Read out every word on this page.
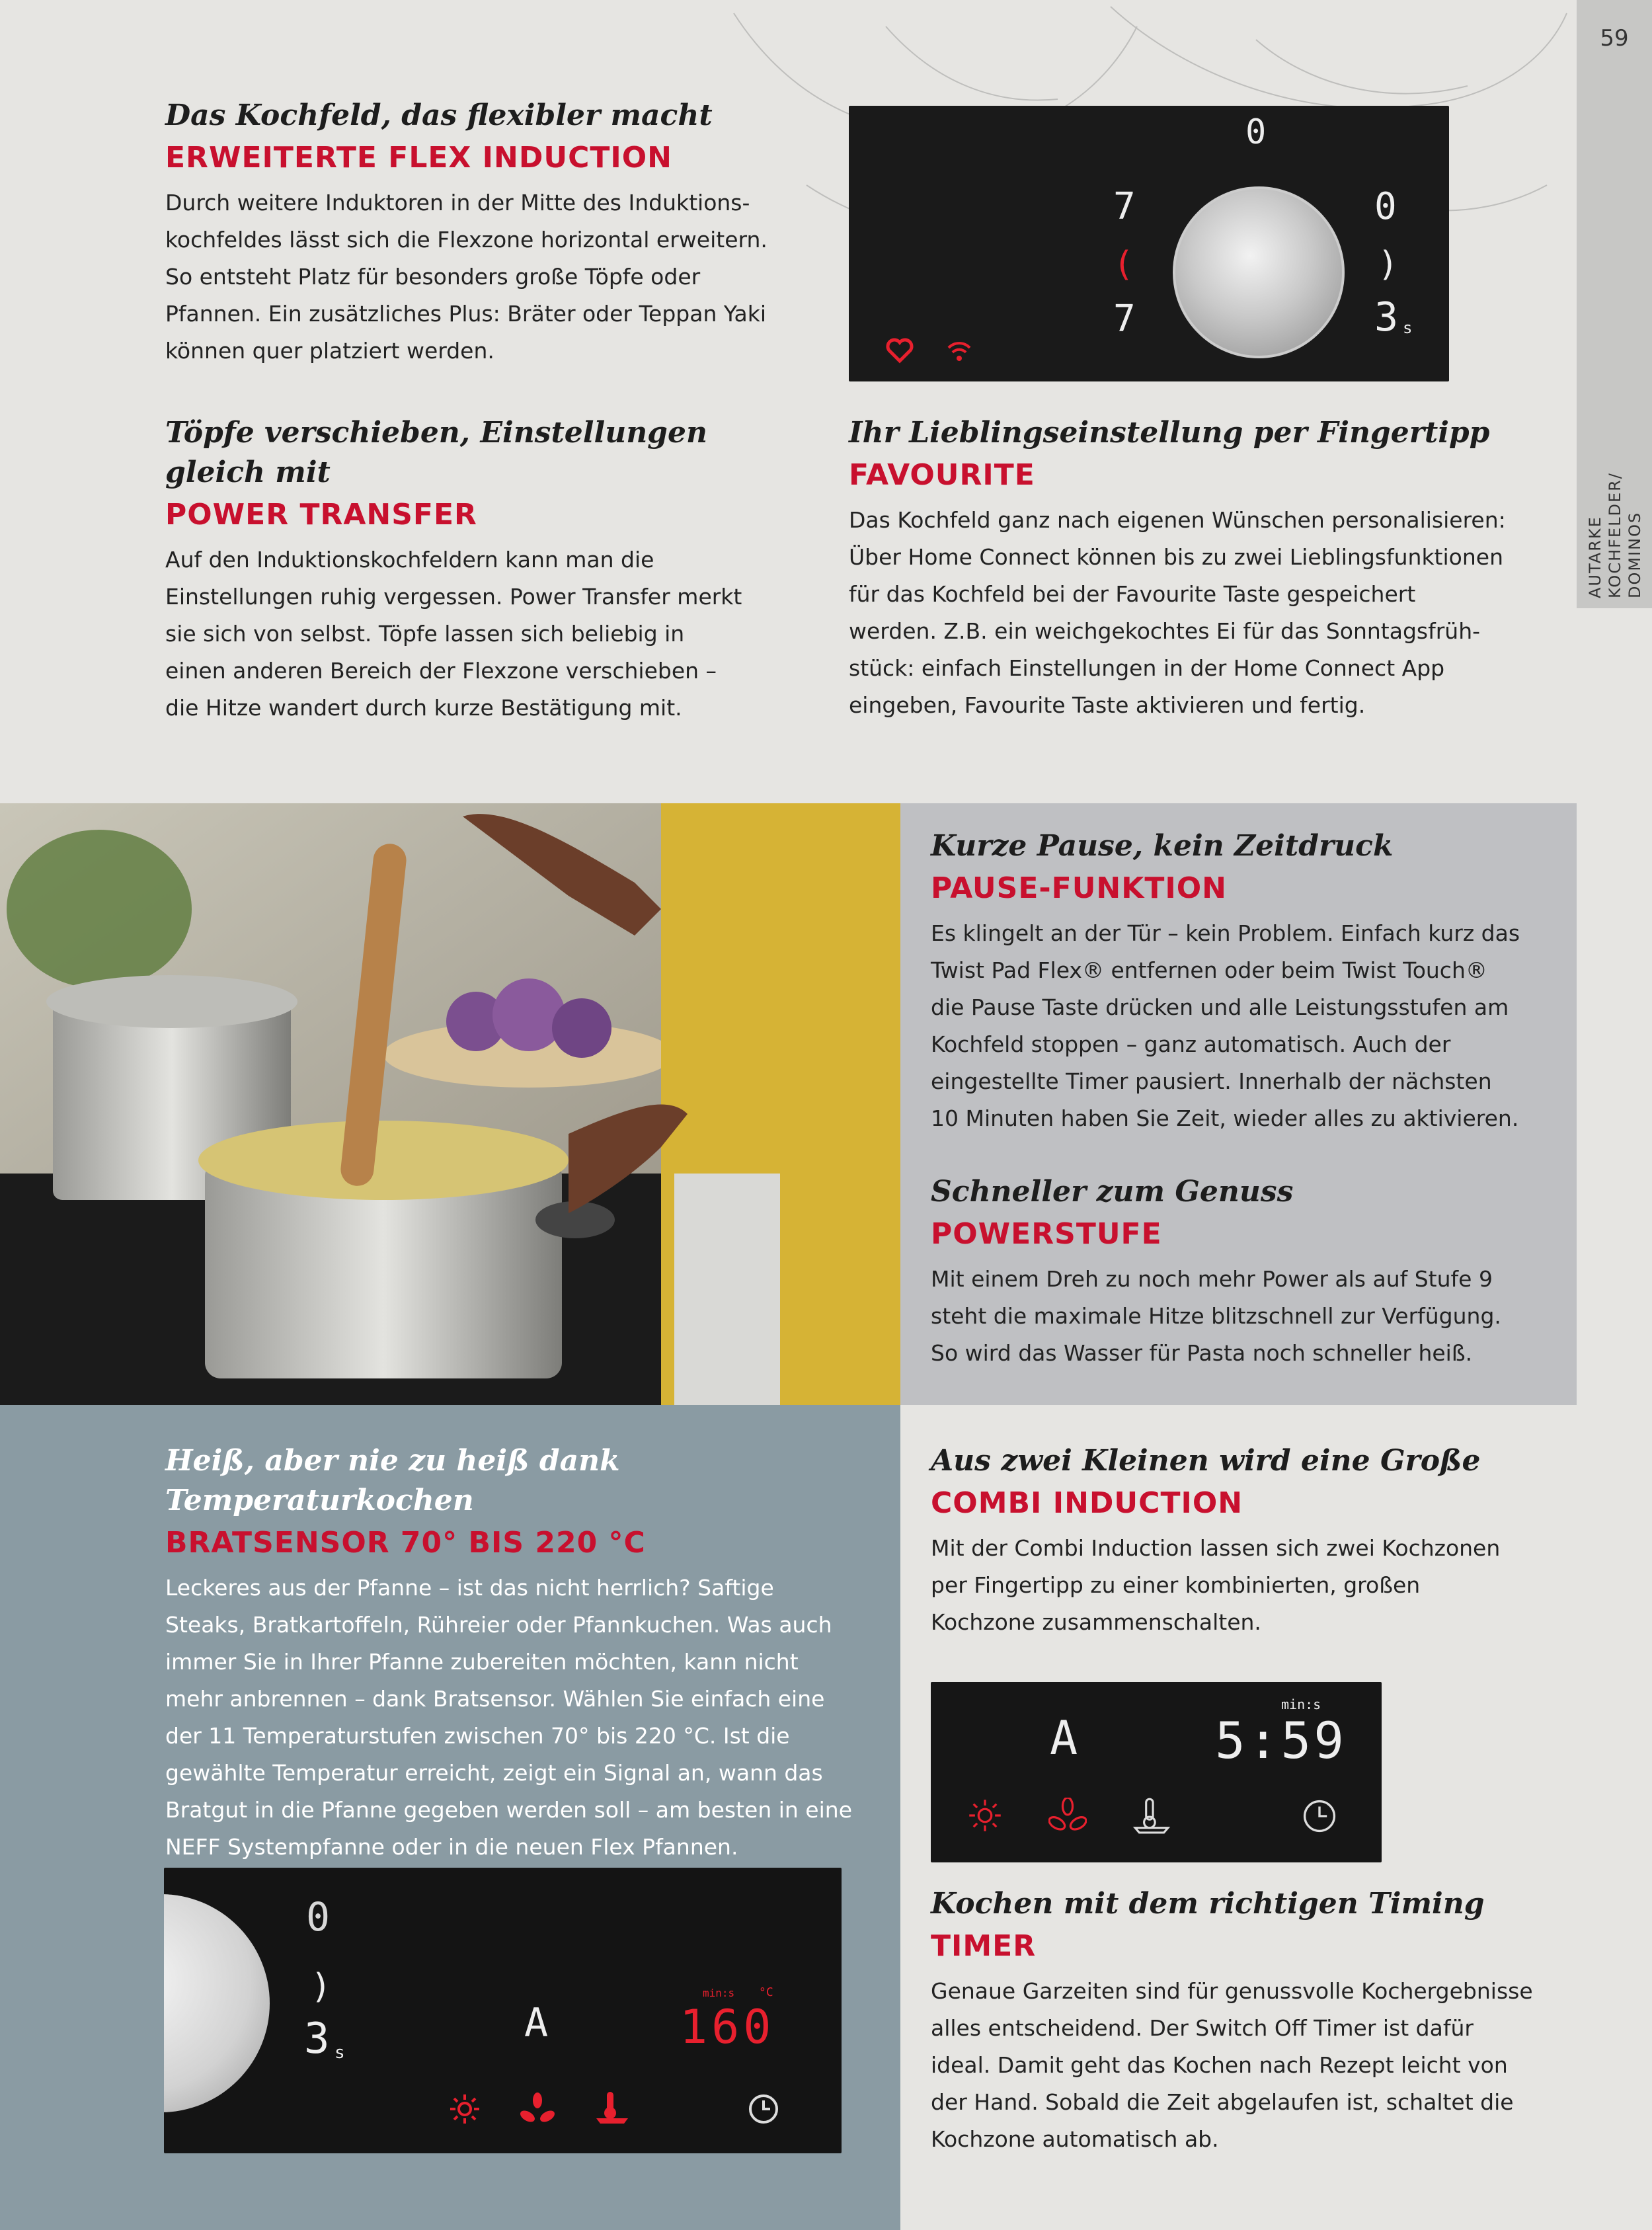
59
AUTARKE KOCHFELDER/ DOMINOS
Das Kochfeld, das flexibler macht
ERWEITERTE FLEX INDUCTION

Durch weitere Induktoren in der Mitte des Induktions-
kochfeldes lässt sich die Flexzone horizontal erweitern.
So entsteht Platz für besonders große Töpfe oder
Pfannen. Ein zusätzliches Plus: Bräter oder Teppan Yaki
können quer platziert werden.

0
7
(
7
0
)
3 s
Töpfe verschieben, Einstellungen
gleich mit
POWER TRANSFER

Auf den Induktionskochfeldern kann man die
Einstellungen ruhig vergessen. Power Transfer merkt
sie sich von selbst. Töpfe lassen sich beliebig in
einen anderen Bereich der Flexzone verschieben –
die Hitze wandert durch kurze Bestätigung mit.

Ihr Lieblingseinstellung per Fingertipp
FAVOURITE

Das Kochfeld ganz nach eigenen Wünschen personalisieren:
Über Home Connect können bis zu zwei Lieblingsfunktionen
für das Kochfeld bei der Favourite Taste gespeichert
werden. Z.B. ein weichgekochtes Ei für das Sonntagsfrüh-
stück: einfach Einstellungen in der Home Connect App
eingeben, Favourite Taste aktivieren und fertig.

Kurze Pause, kein Zeitdruck
PAUSE-FUNKTION

Es klingelt an der Tür – kein Problem. Einfach kurz das
Twist Pad Flex® entfernen oder beim Twist Touch®
die Pause Taste drücken und alle Leistungsstufen am
Kochfeld stoppen – ganz automatisch. Auch der
eingestellte Timer pausiert. Innerhalb der nächsten
10 Minuten haben Sie Zeit, wieder alles zu aktivieren.

Schneller zum Genuss
POWERSTUFE

Mit einem Dreh zu noch mehr Power als auf Stufe 9
steht die maximale Hitze blitzschnell zur Verfügung.
So wird das Wasser für Pasta noch schneller heiß.

Heiß, aber nie zu heiß dank Temperaturkochen
BRATSENSOR 70° BIS 220 °C

Leckeres aus der Pfanne – ist das nicht herrlich? Saftige
Steaks, Bratkartoffeln, Rühreier oder Pfannkuchen. Was auch
immer Sie in Ihrer Pfanne zubereiten möchten, kann nicht
mehr anbrennen – dank Bratsensor. Wählen Sie einfach eine
der 11 Temperaturstufen zwischen 70° bis 220 °C. Ist die
gewählte Temperatur erreicht, zeigt ein Signal an, wann das
Bratgut in die Pfanne gegeben werden soll – am besten in eine
NEFF Systempfanne oder in die neuen Flex Pfannen.

0
)
3 s
A
min:s °C
160
Aus zwei Kleinen wird eine Große
COMBI INDUCTION

Mit der Combi Induction lassen sich zwei Kochzonen
per Fingertipp zu einer kombinierten, großen
Kochzone zusammenschalten.

min:s
A	5:59
Kochen mit dem richtigen Timing
TIMER

Genaue Garzeiten sind für genussvolle Kochergebnisse
alles entscheidend. Der Switch Off Timer ist dafür
ideal. Damit geht das Kochen nach Rezept leicht von
der Hand. Sobald die Zeit abgelaufen ist, schaltet die
Kochzone automatisch ab.
